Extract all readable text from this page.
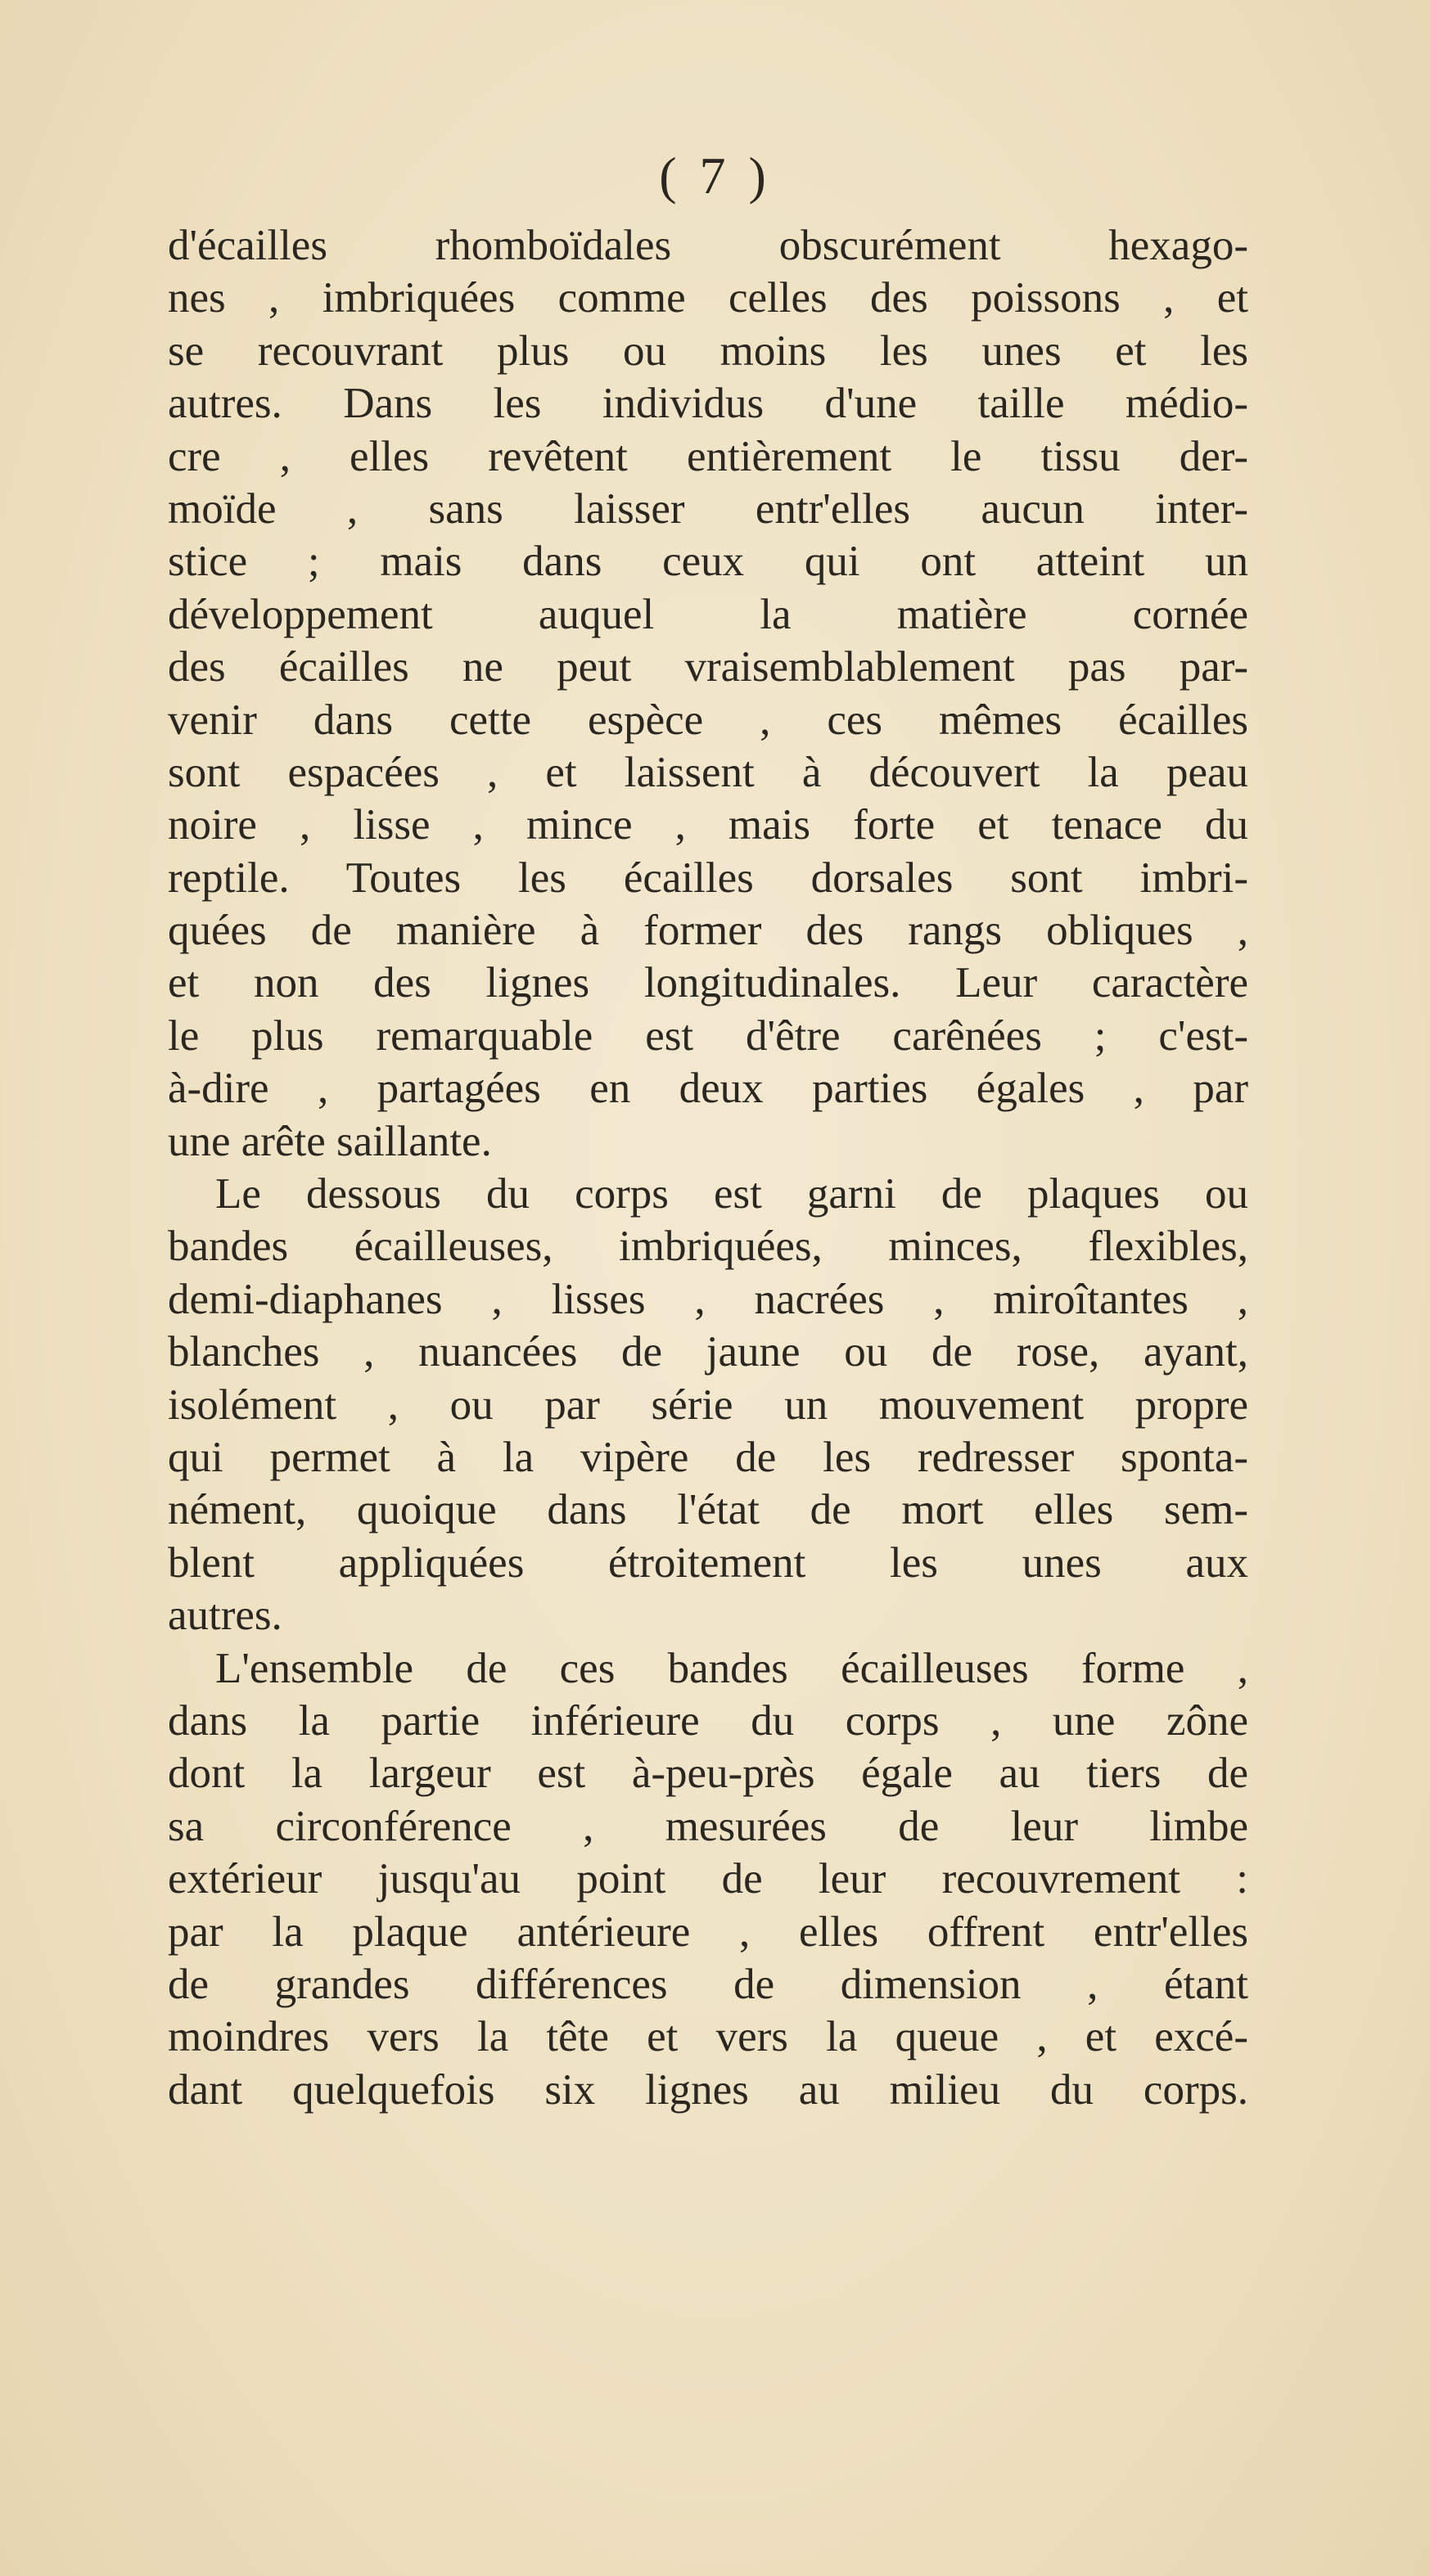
( 7 )
d'écailles rhomboïdales obscurément hexago-
nes , imbriquées comme celles des poissons , et
se recouvrant plus ou moins les unes et les
autres. Dans les individus d'une taille médio-
cre , elles revêtent entièrement le tissu der-
moïde , sans laisser entr'elles aucun inter-
stice ; mais dans ceux qui ont atteint un
développement auquel la matière cornée
des écailles ne peut vraisemblablement pas par-
venir dans cette espèce , ces mêmes écailles
sont espacées , et laissent à découvert la peau
noire , lisse , mince , mais forte et tenace du
reptile. Toutes les écailles dorsales sont imbri-
quées de manière à former des rangs obliques ,
et non des lignes longitudinales. Leur caractère
le plus remarquable est d'être carênées ; c'est-
à-dire , partagées en deux parties égales , par
une arête saillante.
Le dessous du corps est garni de plaques ou
bandes écailleuses, imbriquées, minces, flexibles,
demi-diaphanes , lisses , nacrées , miroîtantes ,
blanches , nuancées de jaune ou de rose, ayant,
isolément , ou par série un mouvement propre
qui permet à la vipère de les redresser sponta-
nément, quoique dans l'état de mort elles sem-
blent appliquées étroitement les unes aux
autres.
L'ensemble de ces bandes écailleuses forme ,
dans la partie inférieure du corps , une zône
dont la largeur est à-peu-près égale au tiers de
sa circonférence , mesurées de leur limbe
extérieur jusqu'au point de leur recouvrement :
par la plaque antérieure , elles offrent entr'elles
de grandes différences de dimension , étant
moindres vers la tête et vers la queue , et excé-
dant quelquefois six lignes au milieu du corps.
